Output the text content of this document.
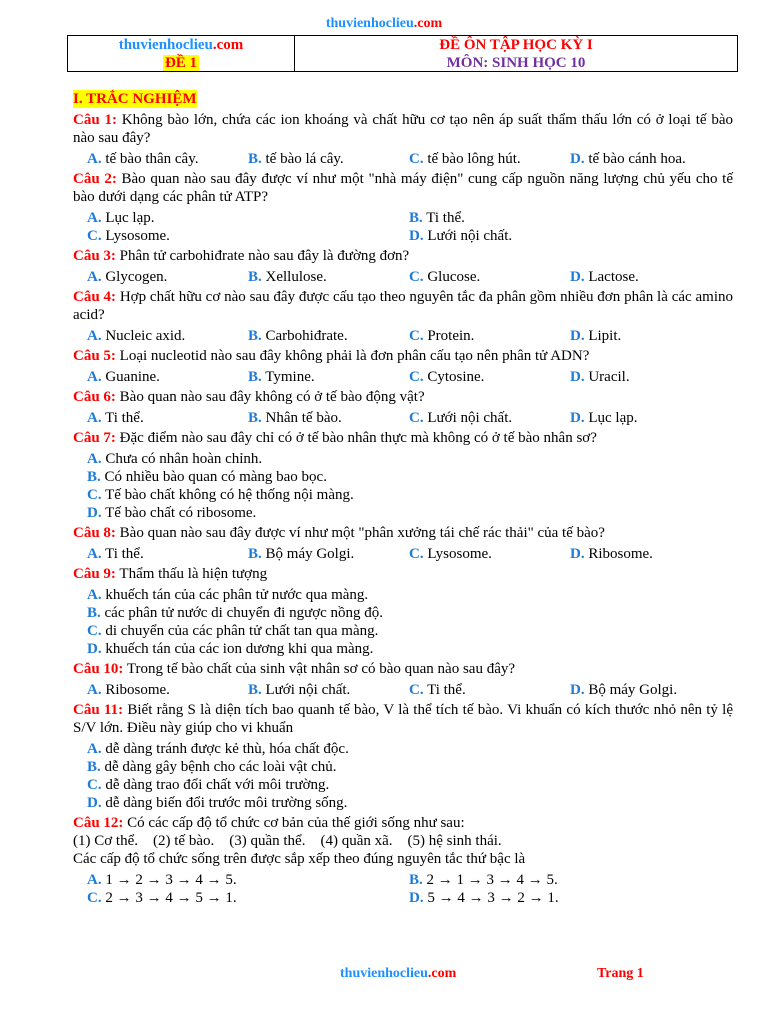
thuvienhoclieu.com
thuvienhoclieu.com
ĐỀ 1
ĐỀ ÔN TẬP HỌC KỲ I
MÔN: SINH HỌC 10
I. TRẮC NGHIỆM
Câu 1: Không bào lớn, chứa các ion khoáng và chất hữu cơ tạo nên áp suất thẩm thấu lớn có ở loại tế bào nào sau đây?
A. tế bào thân cây.	B. tế bào lá cây.	C. tế bào lông hút.	D. tế bào cánh hoa.
Câu 2: Bào quan nào sau đây được ví như một "nhà máy điện" cung cấp nguồn năng lượng chủ yếu cho tế bào dưới dạng các phân tử ATP?
A. Lục lạp.	B. Ti thể.
C. Lysosome.	D. Lưới nội chất.
Câu 3: Phân tử carbohiđrate nào sau đây là đường đơn?
A. Glycogen.	B. Xellulose.	C. Glucose.	D. Lactose.
Câu 4: Hợp chất hữu cơ nào sau đây được cấu tạo theo nguyên tắc đa phân gồm nhiều đơn phân là các amino acid?
A. Nucleic axid.	B. Carbohiđrate.	C. Protein.	D. Lipit.
Câu 5: Loại nucleotid nào sau đây không phải là đơn phân cấu tạo nên phân tử ADN?
A. Guanine.	B. Tymine.	C. Cytosine.	D. Uracil.
Câu 6: Bào quan nào sau đây không có ở tế bào động vật?
A. Ti thể.	B. Nhân tế bào.	C. Lưới nội chất.	D. Lục lạp.
Câu 7: Đặc điểm nào sau đây chỉ có ở tế bào nhân thực mà không có ở tế bào nhân sơ?
A. Chưa có nhân hoàn chỉnh.
B. Có nhiều bào quan có màng bao bọc.
C. Tế bào chất không có hệ thống nội màng.
D. Tế bào chất có ribosome.
Câu 8: Bào quan nào sau đây được ví như một "phân xưởng tái chế rác thải" của tế bào?
A. Ti thể.	B. Bộ máy Golgi.	C. Lysosome.	D. Ribosome.
Câu 9: Thẩm thấu là hiện tượng
A. khuếch tán của các phân tử nước qua màng.
B. các phân tử nước di chuyển đi ngược nồng độ.
C. di chuyển của các phân tử chất tan qua màng.
D. khuếch tán của các ion dương khi qua màng.
Câu 10: Trong tế bào chất của sinh vật nhân sơ có bào quan nào sau đây?
A. Ribosome.	B. Lưới nội chất.	C. Ti thể.	D. Bộ máy Golgi.
Câu 11: Biết rằng S là diện tích bao quanh tế bào, V là thể tích tế bào. Vi khuẩn có kích thước nhỏ nên tỷ lệ S/V lớn. Điều này giúp cho vi khuẩn
A. dễ dàng tránh được kẻ thù, hóa chất độc.
B. dễ dàng gây bệnh cho các loài vật chủ.
C. dễ dàng trao đổi chất với môi trường.
D. dễ dàng biến đổi trước môi trường sống.
Câu 12: Có các cấp độ tổ chức cơ bản của thế giới sống như sau:
(1) Cơ thể.    (2) tế bào.    (3) quần thể.    (4) quần xã.    (5) hệ sinh thái.
Các cấp độ tổ chức sống trên được sắp xếp theo đúng nguyên tắc thứ bậc là
A. 1 → 2 → 3 → 4 → 5.	B. 2 → 1 → 3 → 4 → 5.
C. 2 → 3 → 4 → 5 → 1.	D. 5 → 4 → 3 → 2 → 1.
thuvienhoclieu.com	Trang 1
